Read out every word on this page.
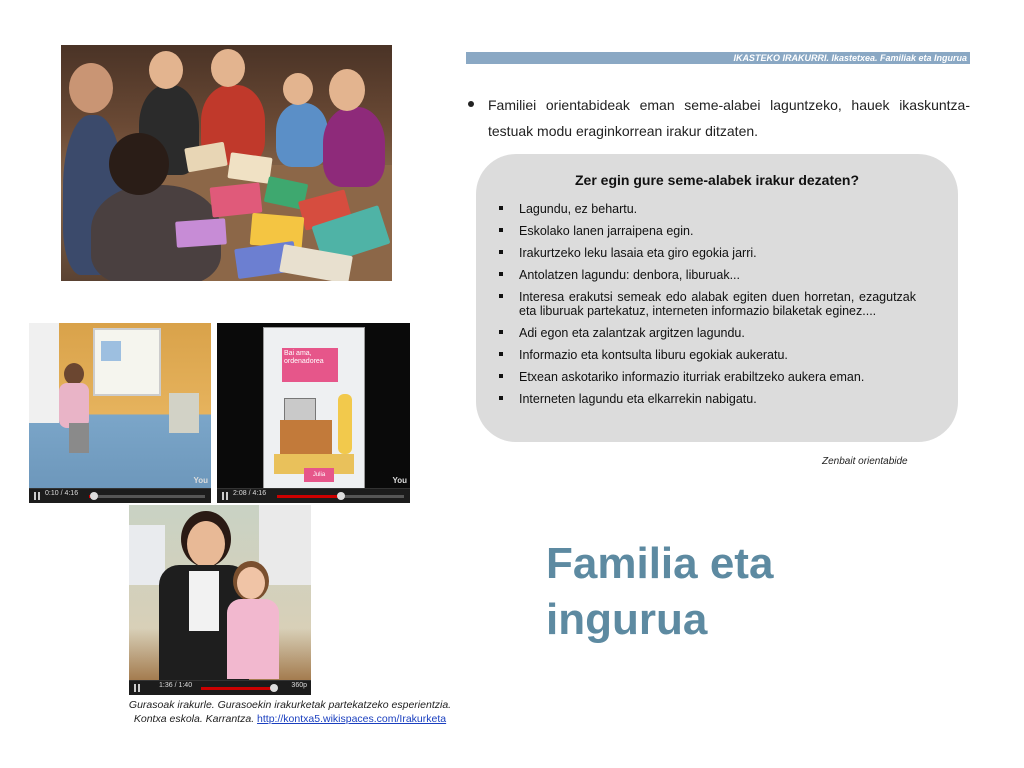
You
0:10 / 4:16
Bai ama, ordenadorea
Julia
You
2:08 / 4:16
1:36 / 1:40	360p
Gurasoak irakurle. Gurasoekin irakurketak partekatzeko esperientzia.
Kontxa eskola. Karrantza. http://kontxa5.wikispaces.com/Irakurketa
IKASTEKO IRAKURRI. Ikastetxea. Familiak eta Ingurua
Familiei orientabideak eman seme-alabei laguntzeko, hauek ikaskuntza-testuak modu eraginkorrean irakur ditzaten.
Zer egin gure seme-alabek irakur dezaten?
Lagundu, ez behartu.
Eskolako lanen jarraipena egin.
Irakurtzeko leku lasaia eta giro egokia jarri.
Antolatzen lagundu: denbora, liburuak...
Interesa erakutsi semeak edo alabak egiten duen horretan, ezagutzak eta liburuak partekatuz, interneten informazio bilaketak eginez....
Adi egon eta zalantzak argitzen lagundu.
Informazio eta kontsulta liburu egokiak aukeratu.
Etxean askotariko informazio iturriak erabiltzeko aukera eman.
Interneten lagundu eta elkarrekin nabigatu.
Zenbait orientabide
Familia eta
ingurua
